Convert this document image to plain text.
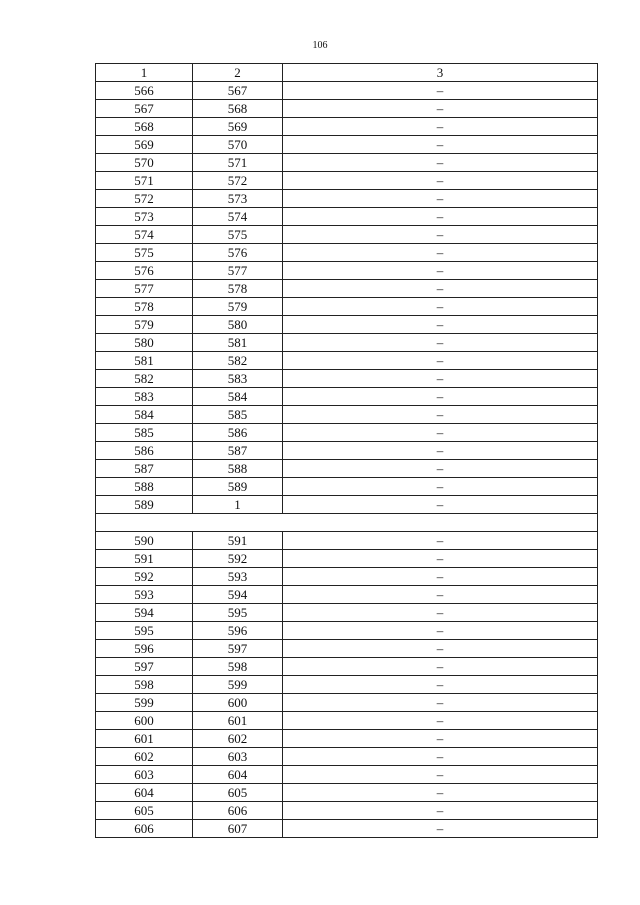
106
1	2	3
566	567	–
567	568	–
568	569	–
569	570	–
570	571	–
571	572	–
572	573	–
573	574	–
574	575	–
575	576	–
576	577	–
577	578	–
578	579	–
579	580	–
580	581	–
581	582	–
582	583	–
583	584	–
584	585	–
585	586	–
586	587	–
587	588	–
588	589	–
589	1	–

590	591	–
591	592	–
592	593	–
593	594	–
594	595	–
595	596	–
596	597	–
597	598	–
598	599	–
599	600	–
600	601	–
601	602	–
602	603	–
603	604	–
604	605	–
605	606	–
606	607	–
